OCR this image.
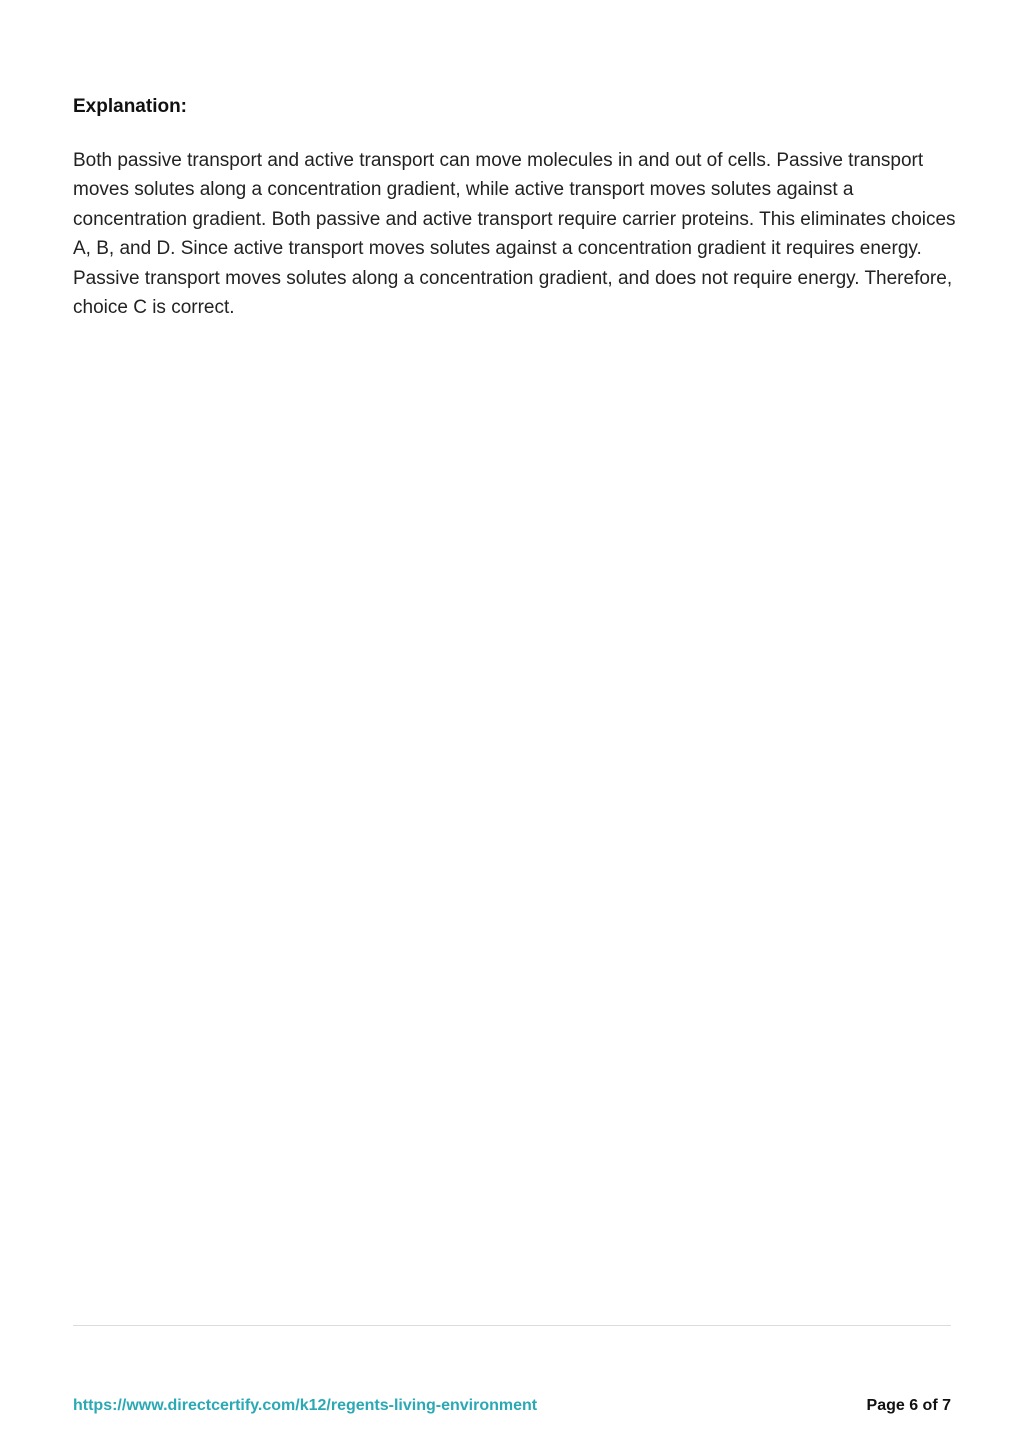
Explanation:

Both passive transport and active transport can move molecules in and out of cells. Passive transport moves solutes along a concentration gradient, while active transport moves solutes against a concentration gradient. Both passive and active transport require carrier proteins. This eliminates choices A, B, and D. Since active transport moves solutes against a concentration gradient it requires energy. Passive transport moves solutes along a concentration gradient, and does not require energy. Therefore, choice C is correct.

https://www.directcertify.com/k12/regents-living-environment	Page 6 of 7
